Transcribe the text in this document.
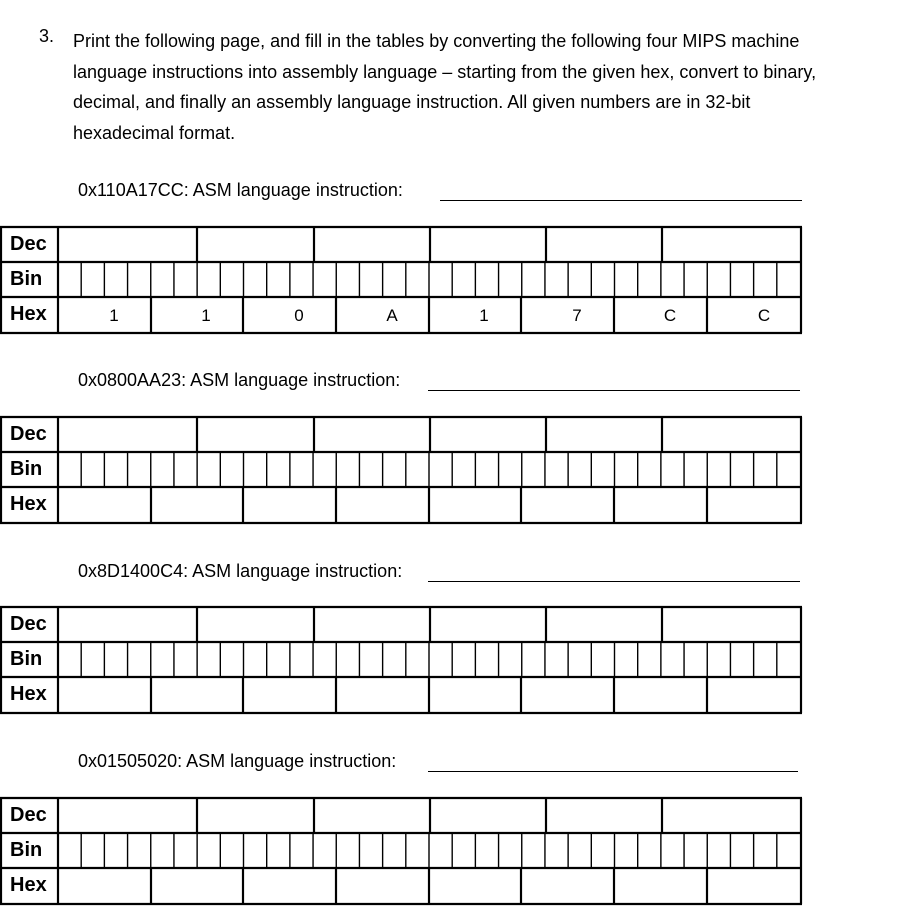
3. Print the following page, and fill in the tables by converting the following four MIPS machine
language instructions into assembly language – starting from the given hex, convert to binary,
decimal, and finally an assembly language instruction. All given numbers are in 32-bit
hexadecimal format.

0x110A17CC: ASM language instruction:
Dec
Bin
Hex	1	1	0	A	1	7	C	C
0x0800AA23: ASM language instruction:
Dec
Bin
Hex
0x8D1400C4: ASM language instruction:
Dec
Bin
Hex
0x01505020: ASM language instruction:
Dec
Bin
Hex
